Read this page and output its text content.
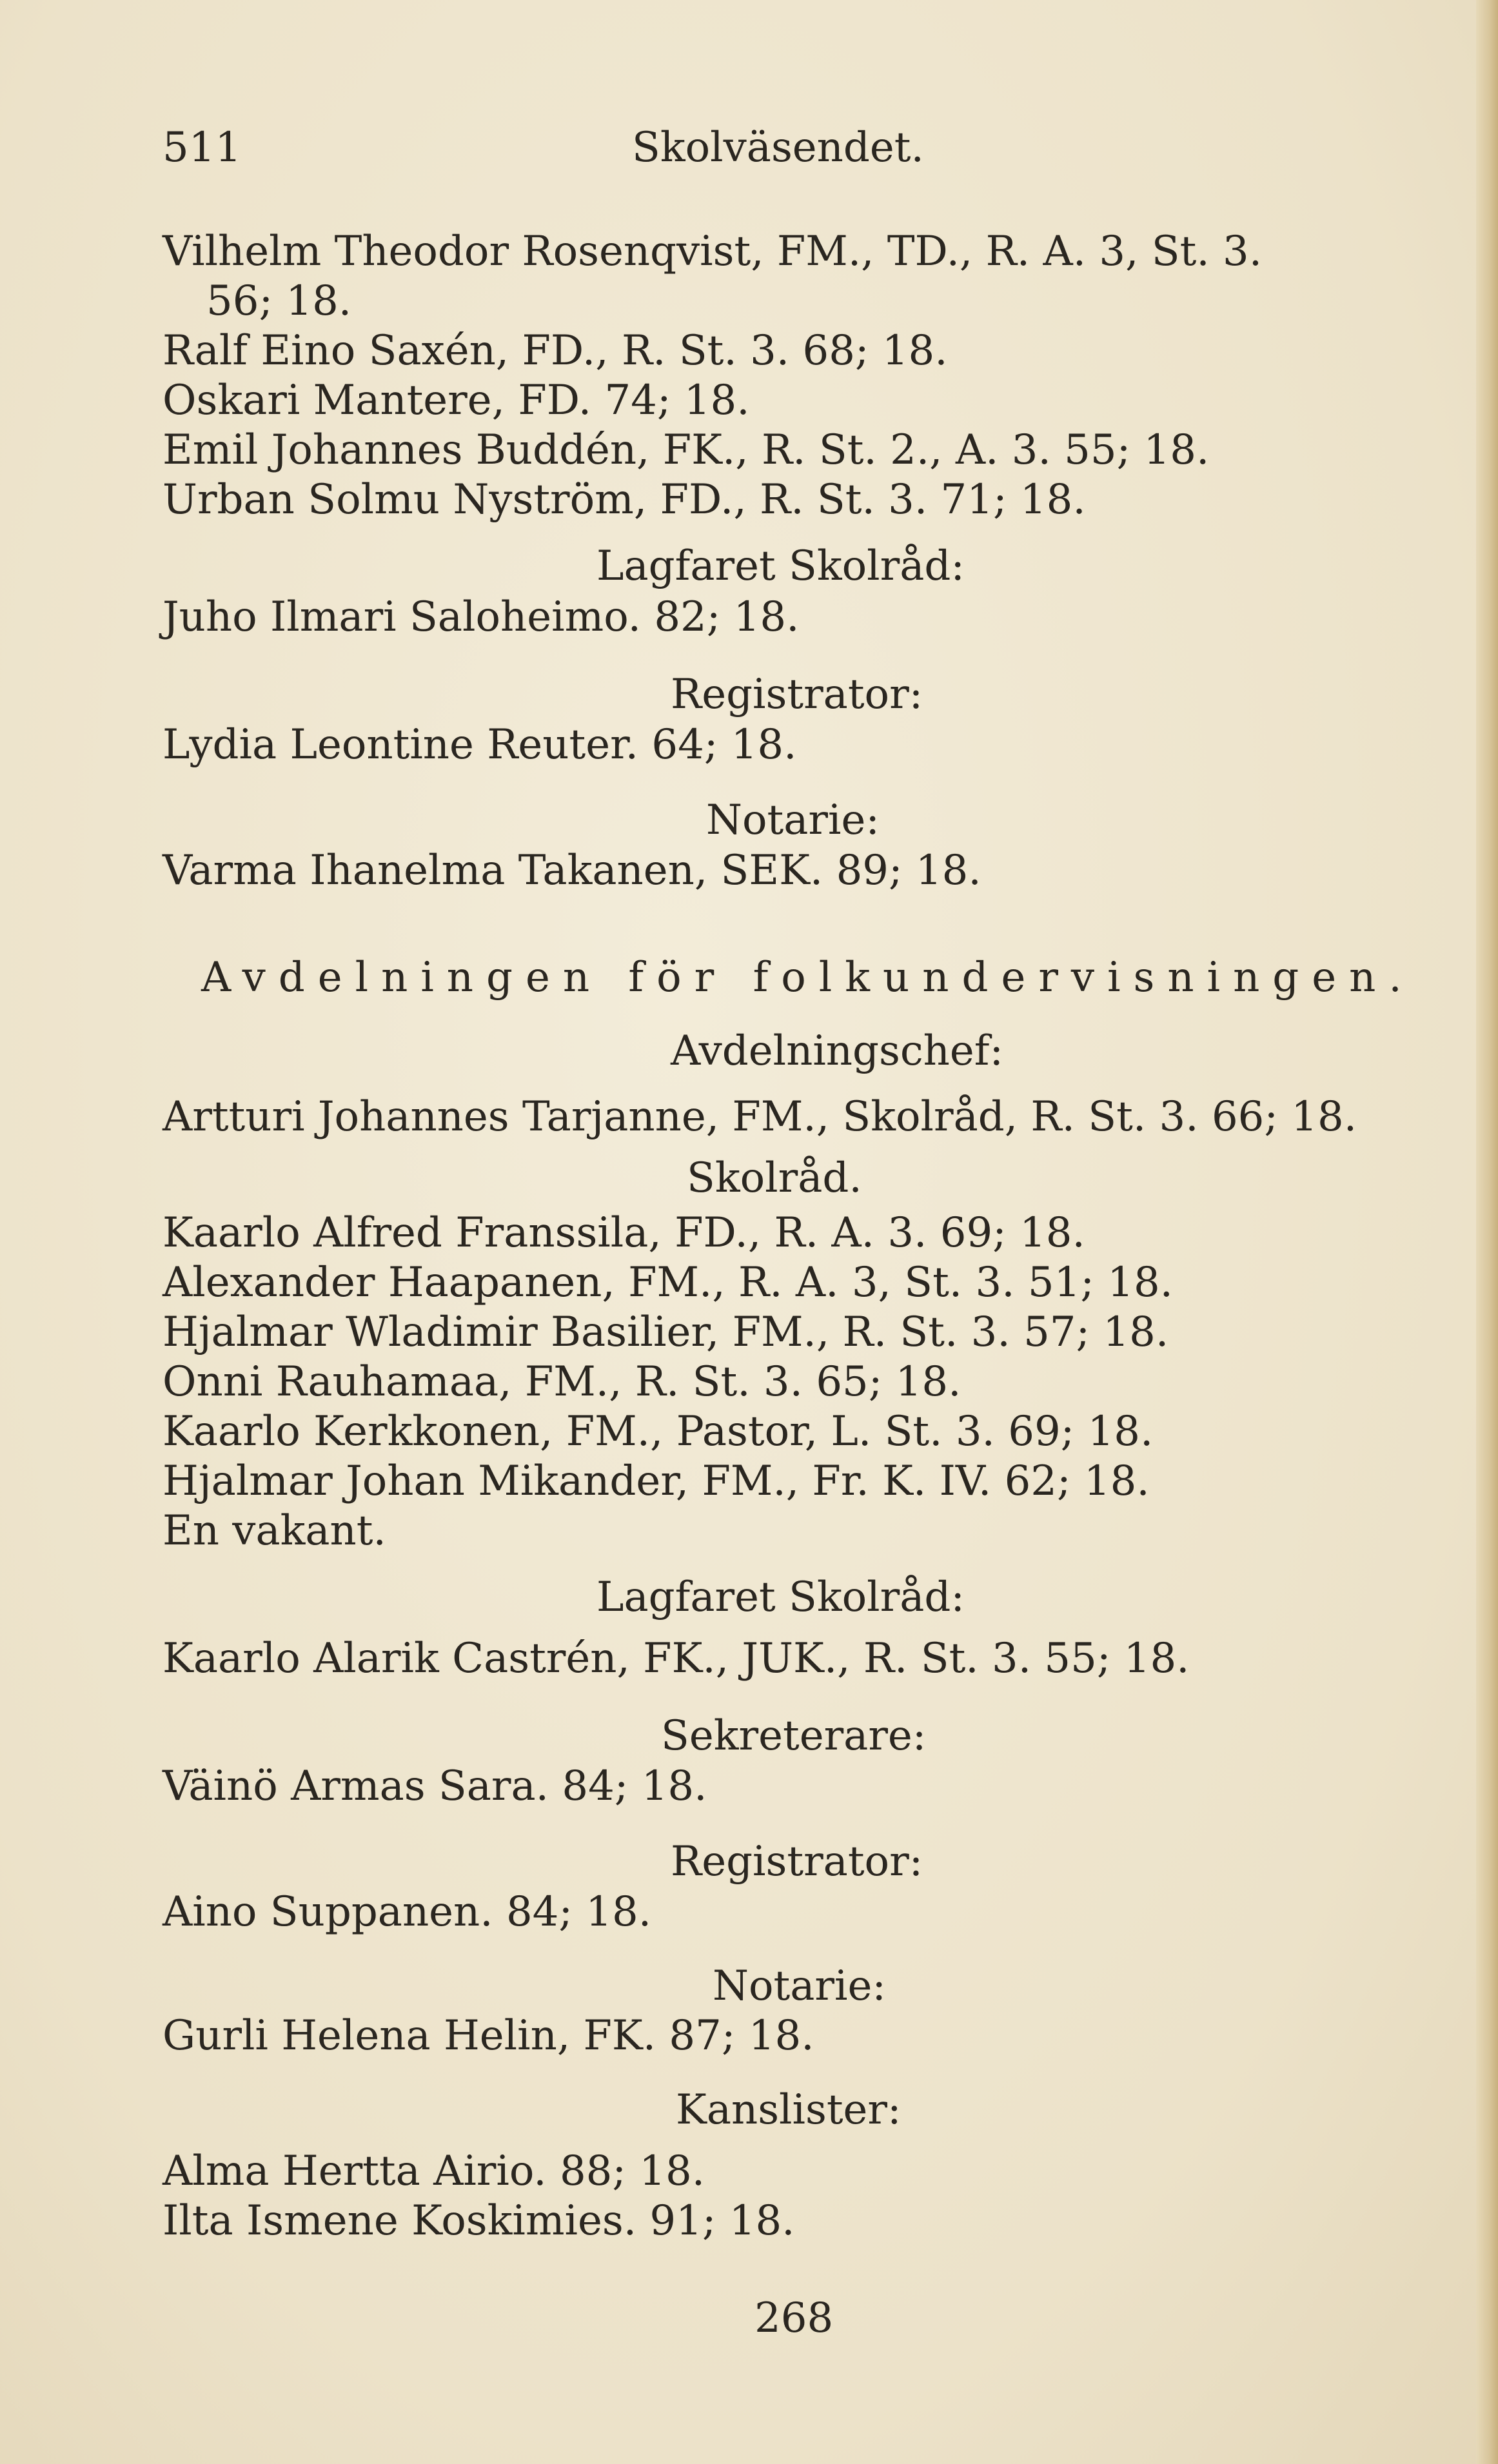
511	Skolväsendet.
Vilhelm Theodor Rosenqvist, FM., TD., R. A. 3, St. 3.
56; 18.
Ralf Eino Saxén, FD., R. St. 3. 68; 18.
Oskari Mantere, FD. 74; 18.
Emil Johannes Buddén, FK., R. St. 2., A. 3. 55; 18.
Urban Solmu Nyström, FD., R. St. 3. 71; 18.
Lagfaret Skolråd:
Juho Ilmari Saloheimo. 82; 18.
Registrator:
Lydia Leontine Reuter. 64; 18.
Notarie:
Varma Ihanelma Takanen, SEK. 89; 18.
Avdelningen för folkundervisningen.
Avdelningschef:
Artturi Johannes Tarjanne, FM., Skolråd, R. St. 3. 66; 18.
Skolråd.
Kaarlo Alfred Franssila, FD., R. A. 3. 69; 18.
Alexander Haapanen, FM., R. A. 3, St. 3. 51; 18.
Hjalmar Wladimir Basilier, FM., R. St. 3. 57; 18.
Onni Rauhamaa, FM., R. St. 3. 65; 18.
Kaarlo Kerkkonen, FM., Pastor, L. St. 3. 69; 18.
Hjalmar Johan Mikander, FM., Fr. K. IV. 62; 18.
En vakant.
Lagfaret Skolråd:
Kaarlo Alarik Castrén, FK., JUK., R. St. 3. 55; 18.
Sekreterare:
Väinö Armas Sara. 84; 18.
Registrator:
Aino Suppanen. 84; 18.
Notarie:
Gurli Helena Helin, FK. 87; 18.
Kanslister:
Alma Hertta Airio. 88; 18.
Ilta Ismene Koskimies. 91; 18.
268
